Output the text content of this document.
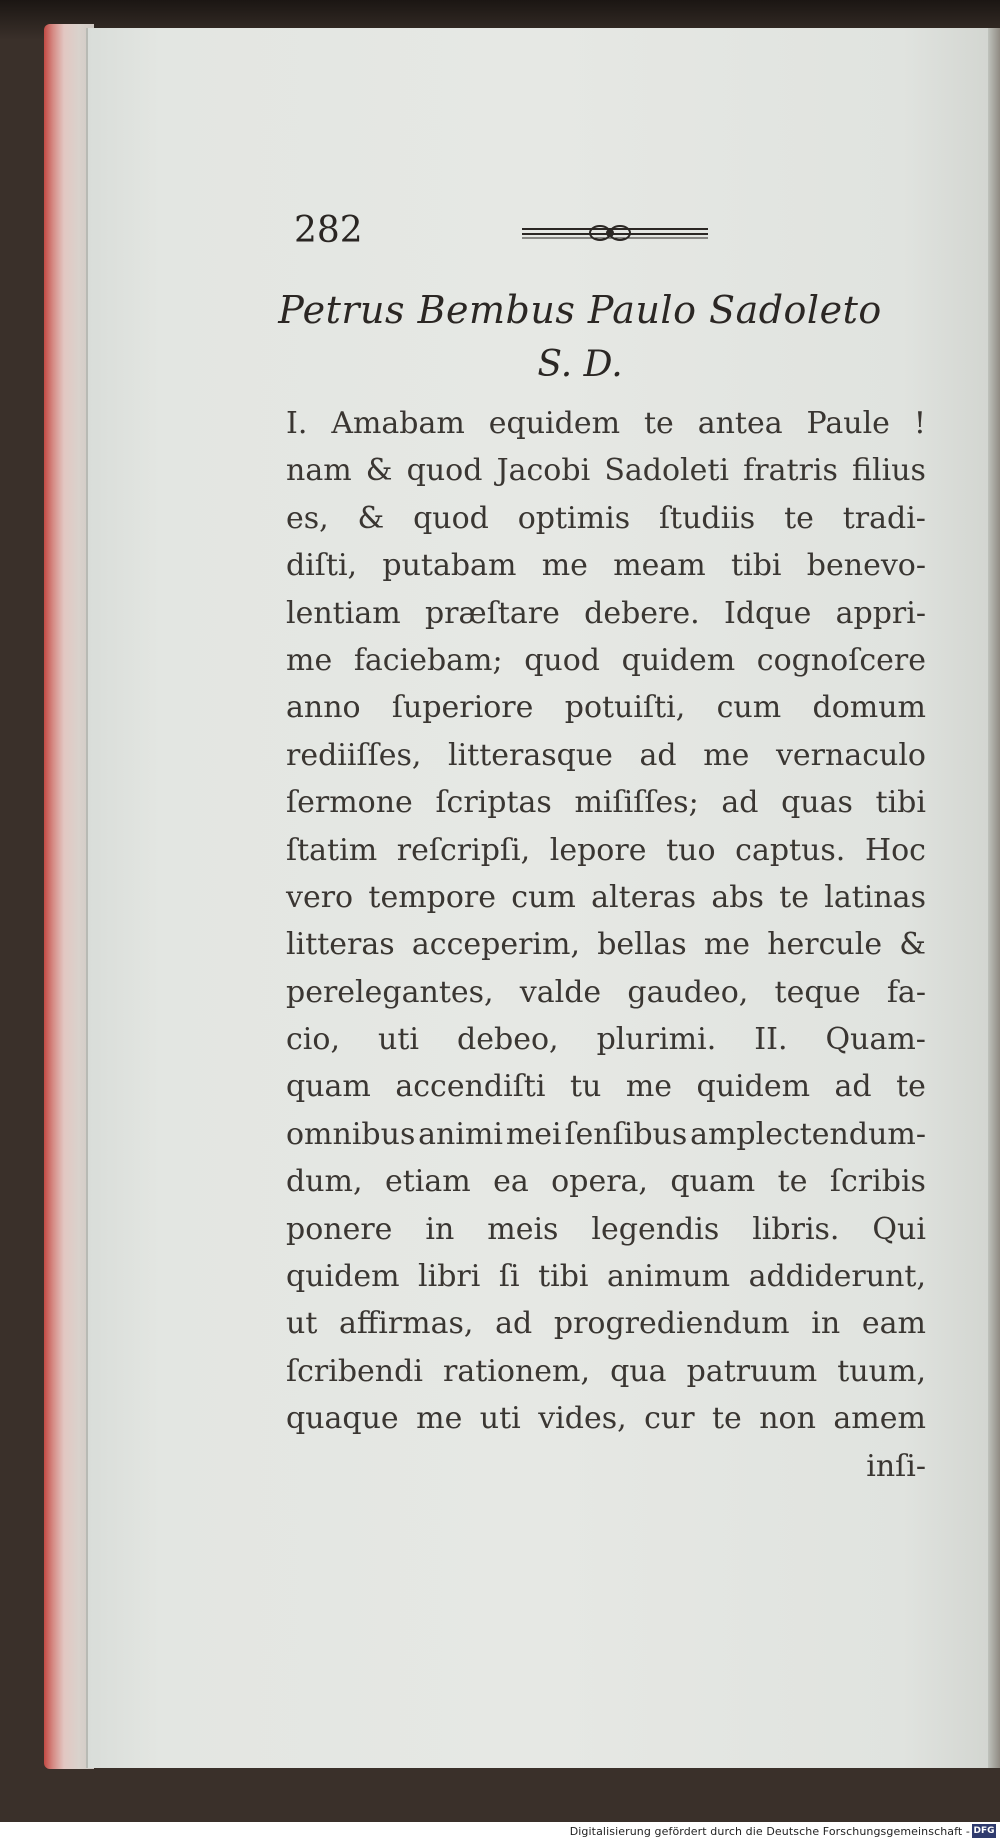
282
Petrus Bembus Paulo Sadoleto
S. D.
I. Amabam equidem te antea Paule !
nam & quod Jacobi Sadoleti fratris filius
es, & quod optimis ſtudiis te tradi-
diſti, putabam me meam tibi benevo-
lentiam præſtare debere. Idque appri-
me faciebam; quod quidem cognoſcere
anno ſuperiore potuiſti, cum domum
rediiſſes, litterasque ad me vernaculo
ſermone ſcriptas miſiſſes; ad quas tibi
ſtatim reſcripſi, lepore tuo captus. Hoc
vero tempore cum alteras abs te latinas
litteras acceperim, bellas me hercule &
perelegantes, valde gaudeo, teque fa-
cio, uti debeo, plurimi. II. Quam-
quam accendiſti tu me quidem ad te
omnibus animi mei ſenſibus amplectendum-
dum, etiam ea opera, quam te ſcribis
ponere in meis legendis libris. Qui
quidem libri ſi tibi animum addiderunt,
ut affirmas, ad progrediendum in eam
ſcribendi rationem, qua patruum tuum,
quaque me uti vides, cur te non amem
inſi-
Digitalisierung gefördert durch die Deutsche Forschungsgemeinschaft - DFG
